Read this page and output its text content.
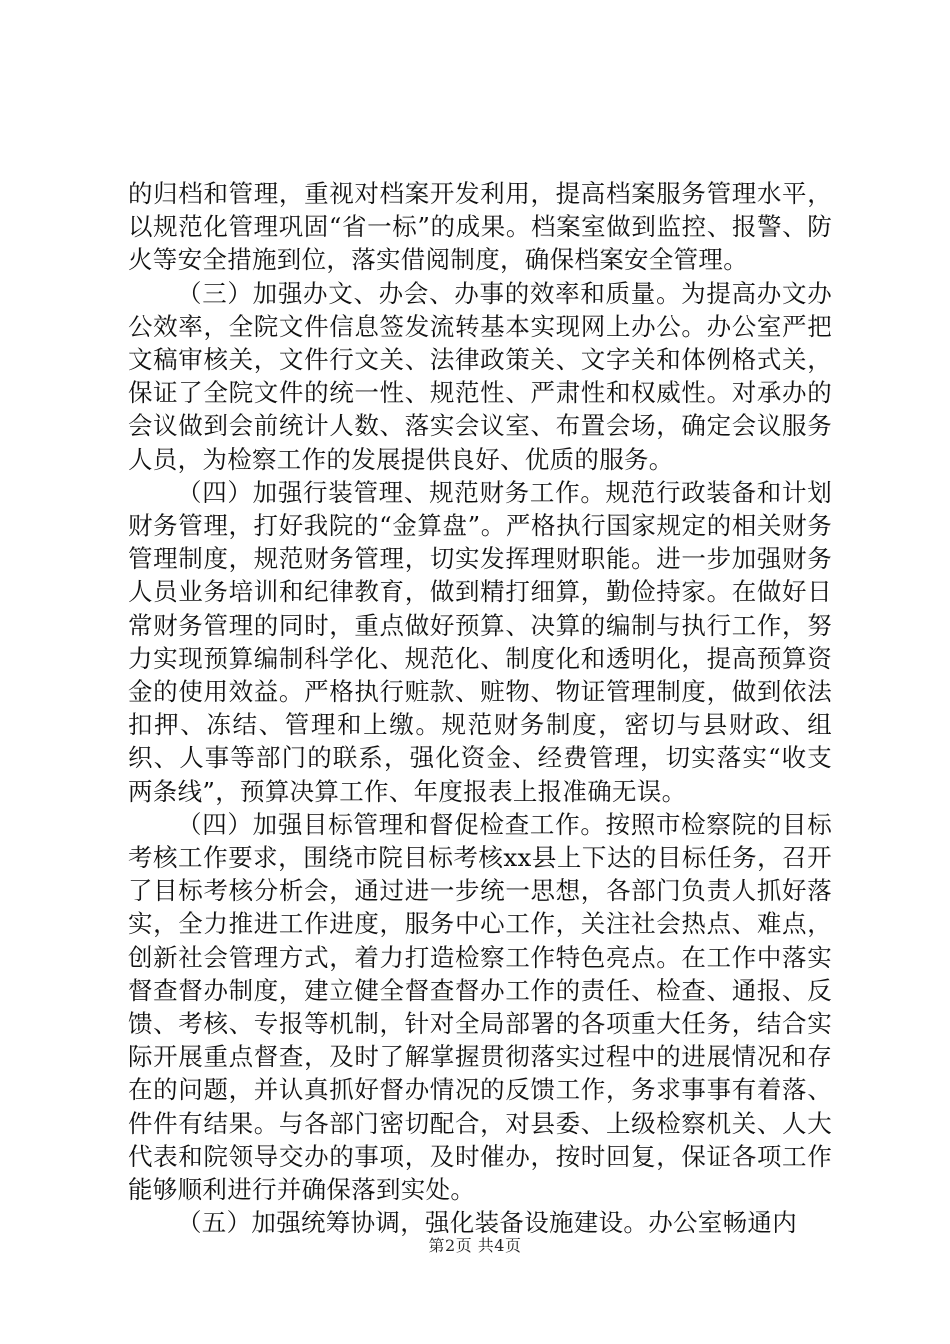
的归档和管理，重视对档案开发利用，提高档案服务管理水平，以规范化管理巩固“省一标”的成果。档案室做到监控、报警、防火等安全措施到位，落实借阅制度，确保档案安全管理。

（三）加强办文、办会、办事的效率和质量。为提高办文办公效率，全院文件信息签发流转基本实现网上办公。办公室严把文稿审核关，文件行文关、法律政策关、文字关和体例格式关，保证了全院文件的统一性、规范性、严肃性和权威性。对承办的会议做到会前统计人数、落实会议室、布置会场，确定会议服务人员，为检察工作的发展提供良好、优质的服务。

（四）加强行装管理、规范财务工作。规范行政装备和计划财务管理，打好我院的“金算盘”。严格执行国家规定的相关财务管理制度，规范财务管理，切实发挥理财职能。进一步加强财务人员业务培训和纪律教育，做到精打细算，勤俭持家。在做好日常财务管理的同时，重点做好预算、决算的编制与执行工作，努力实现预算编制科学化、规范化、制度化和透明化，提高预算资金的使用效益。严格执行赃款、赃物、物证管理制度，做到依法扣押、冻结、管理和上缴。规范财务制度，密切与县财政、组织、人事等部门的联系，强化资金、经费管理，切实落实“收支两条线”，预算决算工作、年度报表上报准确无误。

（四）加强目标管理和督促检查工作。按照市检察院的目标考核工作要求，围绕市院目标考核xx县上下达的目标任务，召开了目标考核分析会，通过进一步统一思想，各部门负责人抓好落实，全力推进工作进度，服务中心工作，关注社会热点、难点，创新社会管理方式，着力打造检察工作特色亮点。在工作中落实督查督办制度，建立健全督查督办工作的责任、检查、通报、反馈、考核、专报等机制，针对全局部署的各项重大任务，结合实际开展重点督查，及时了解掌握贯彻落实过程中的进展情况和存在的问题，并认真抓好督办情况的反馈工作，务求事事有着落、件件有结果。与各部门密切配合，对县委、上级检察机关、人大代表和院领导交办的事项，及时催办，按时回复，保证各项工作能够顺利进行并确保落到实处。

（五）加强统筹协调，强化装备设施建设。办公室畅通内

第2页 共4页
